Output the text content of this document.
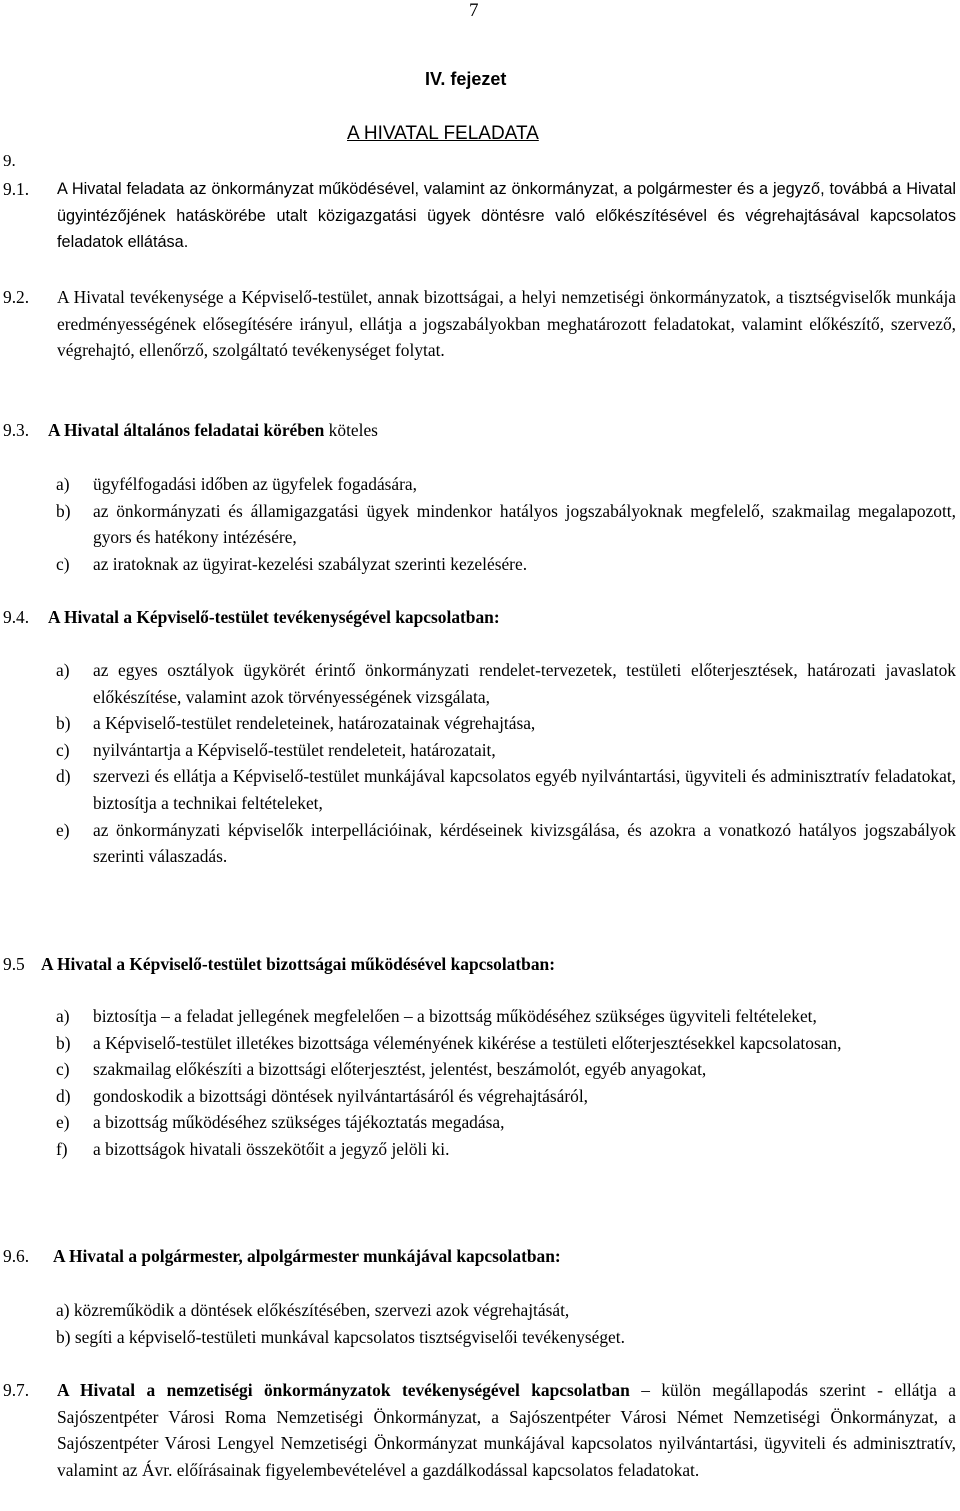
7
IV. fejezet
A HIVATAL FELADATA
9.
9.1. A Hivatal feladata az önkormányzat működésével, valamint az önkormányzat, a polgármester és a jegyző, továbbá a Hivatal ügyintézőjének hatáskörébe utalt közigazgatási ügyek döntésre való előkészítésével és végrehajtásával kapcsolatos feladatok ellátása.
9.2. A Hivatal tevékenysége a Képviselő-testület, annak bizottságai, a helyi nemzetiségi önkormányzatok, a tisztségviselők munkája eredményességének elősegítésére irányul, ellátja a jogszabályokban meghatározott feladatokat, valamint előkészítő, szervező, végrehajtó, ellenőrző, szolgáltató tevékenységet folytat.
9.3. A Hivatal általános feladatai körében köteles
a) ügyfélfogadási időben az ügyfelek fogadására,
b) az önkormányzati és államigazgatási ügyek mindenkor hatályos jogszabályoknak megfelelő, szakmailag megalapozott, gyors és hatékony intézésére,
c) az iratoknak az ügyirat-kezelési szabályzat szerinti kezelésére.
9.4. A Hivatal a Képviselő-testület tevékenységével kapcsolatban:
a) az egyes osztályok ügykörét érintő önkormányzati rendelet-tervezetek, testületi előterjesztések, határozati javaslatok előkészítése, valamint azok törvényességének vizsgálata,
b) a Képviselő-testület rendeleteinek, határozatainak végrehajtása,
c) nyilvántartja a Képviselő-testület rendeleteit, határozatait,
d) szervezi és ellátja a Képviselő-testület munkájával kapcsolatos egyéb nyilvántartási, ügyviteli és adminisztratív feladatokat, biztosítja a technikai feltételeket,
e) az önkormányzati képviselők interpellációinak, kérdéseinek kivizsgálása, és azokra a vonatkozó hatályos jogszabályok szerinti válaszadás.
9.5 A Hivatal a Képviselő-testület bizottságai működésével kapcsolatban:
a) biztosítja – a feladat jellegének megfelelően – a bizottság működéséhez szükséges ügyviteli feltételeket,
b) a Képviselő-testület illetékes bizottsága véleményének kikérése a testületi előterjesztésekkel kapcsolatosan,
c) szakmailag előkészíti a bizottsági előterjesztést, jelentést, beszámolót, egyéb anyagokat,
d) gondoskodik a bizottsági döntések nyilvántartásáról és végrehajtásáról,
e) a bizottság működéséhez szükséges tájékoztatás megadása,
f) a bizottságok hivatali összekötőit a jegyző jelöli ki.
9.6. A Hivatal a polgármester, alpolgármester munkájával kapcsolatban:
a) közreműködik a döntések előkészítésében, szervezi azok végrehajtását,
b) segíti a képviselő-testületi munkával kapcsolatos tisztségviselői tevékenységet.
9.7. A Hivatal a nemzetiségi önkormányzatok tevékenységével kapcsolatban – külön megállapodás szerint - ellátja a Sajószentpéter Városi Roma Nemzetiségi Önkormányzat, a Sajószentpéter Városi Német Nemzetiségi Önkormányzat, a Sajószentpéter Városi Lengyel Nemzetiségi Önkormányzat munkájával kapcsolatos nyilvántartási, ügyviteli és adminisztratív, valamint az Ávr. előírásainak figyelembevételével a gazdálkodással kapcsolatos feladatokat.
